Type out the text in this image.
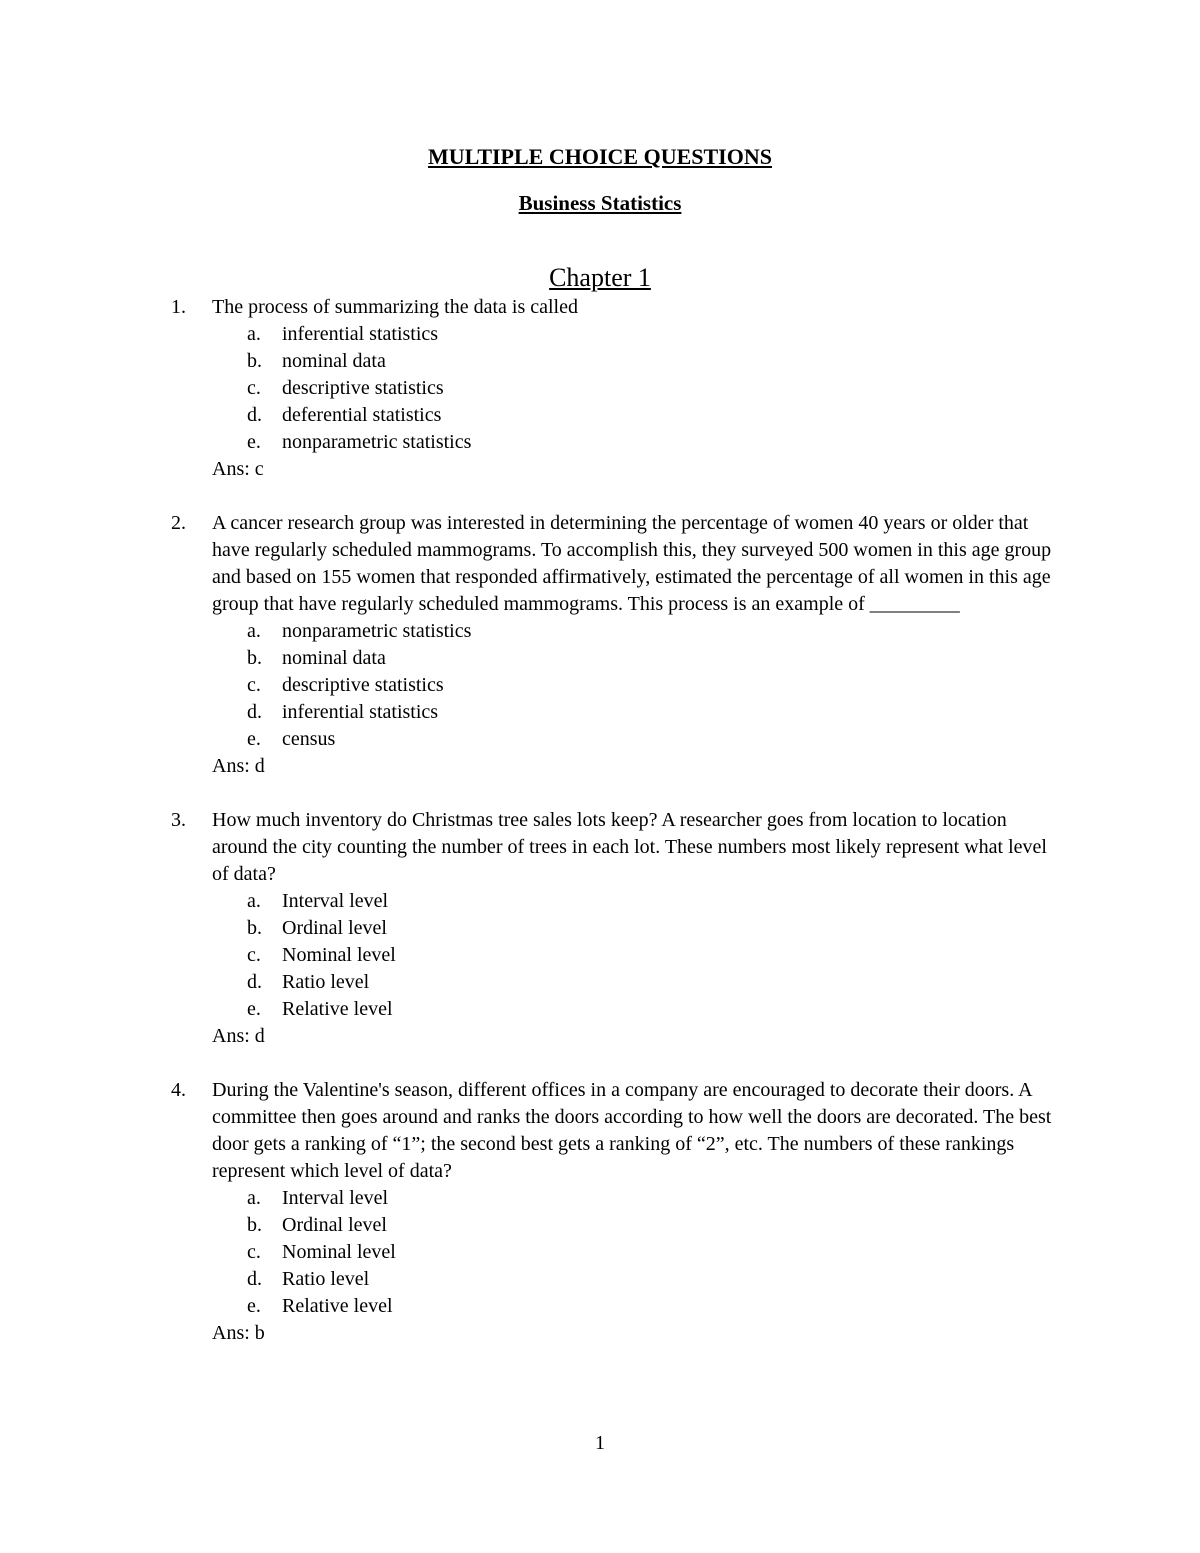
MULTIPLE CHOICE QUESTIONS
Business Statistics
Chapter 1
1. The process of summarizing the data is called
a. inferential statistics
b. nominal data
c. descriptive statistics
d. deferential statistics
e. nonparametric statistics
Ans: c
2. A cancer research group was interested in determining the percentage of women 40 years or older that have regularly scheduled mammograms. To accomplish this, they surveyed 500 women in this age group and based on 155 women that responded affirmatively, estimated the percentage of all women in this age group that have regularly scheduled mammograms. This process is an example of _________
a. nonparametric statistics
b. nominal data
c. descriptive statistics
d. inferential statistics
e. census
Ans: d
3. How much inventory do Christmas tree sales lots keep? A researcher goes from location to location around the city counting the number of trees in each lot. These numbers most likely represent what level of data?
a. Interval level
b. Ordinal level
c. Nominal level
d. Ratio level
e. Relative level
Ans: d
4. During the Valentine's season, different offices in a company are encouraged to decorate their doors. A committee then goes around and ranks the doors according to how well the doors are decorated. The best door gets a ranking of “1”; the second best gets a ranking of “2”, etc. The numbers of these rankings represent which level of data?
a. Interval level
b. Ordinal level
c. Nominal level
d. Ratio level
e. Relative level
Ans: b
1
